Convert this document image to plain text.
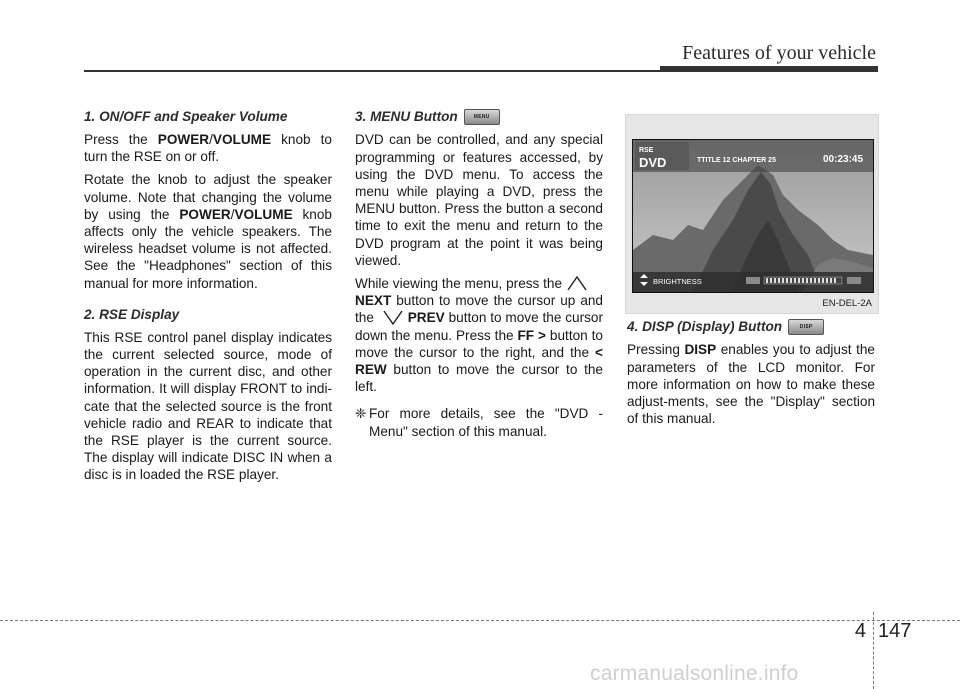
Features of your vehicle
1. ON/OFF and Speaker Volume

Press the POWER/VOLUME knob to turn the RSE on or off.

Rotate the knob to adjust the speaker volume. Note that changing the volume by using the POWER/VOLUME knob affects only the vehicle speakers. The wireless headset volume is not affected. See the "Headphones" section of this manual for more information.

2. RSE Display

This RSE control panel display indicates the current selected source, mode of operation in the current disc, and other information. It will display FRONT to indi-cate that the selected source is the front vehicle radio and REAR to indicate that the RSE player is the current source. The display will indicate DISC IN when a disc is in loaded the RSE player.

3. MENU Button	MENU

DVD can be controlled, and any special programming or features accessed, by using the DVD menu. To access the menu while playing a DVD, press the MENU button. Press the button a second time to exit the menu and return to the DVD program at the point it was being viewed.

While viewing the menu, press the
NEXT button to move the cursor up and the PREV button to move the cursor down the menu. Press the FF > button to move the cursor to the right, and the < REW button to move the cursor to the left.

❈ For more details, see the "DVD - Menu" section of this manual.
RSE
DVD	TTITLE 12 CHAPTER 25	00:23:45
BRIGHTNESS
EN-DEL-2A
4. DISP (Display) Button	DISP

Pressing DISP enables you to adjust the parameters of the LCD monitor. For more information on how to make these adjust-ments, see the "Display" section of this manual.

4 147
carmanualsonline.info
